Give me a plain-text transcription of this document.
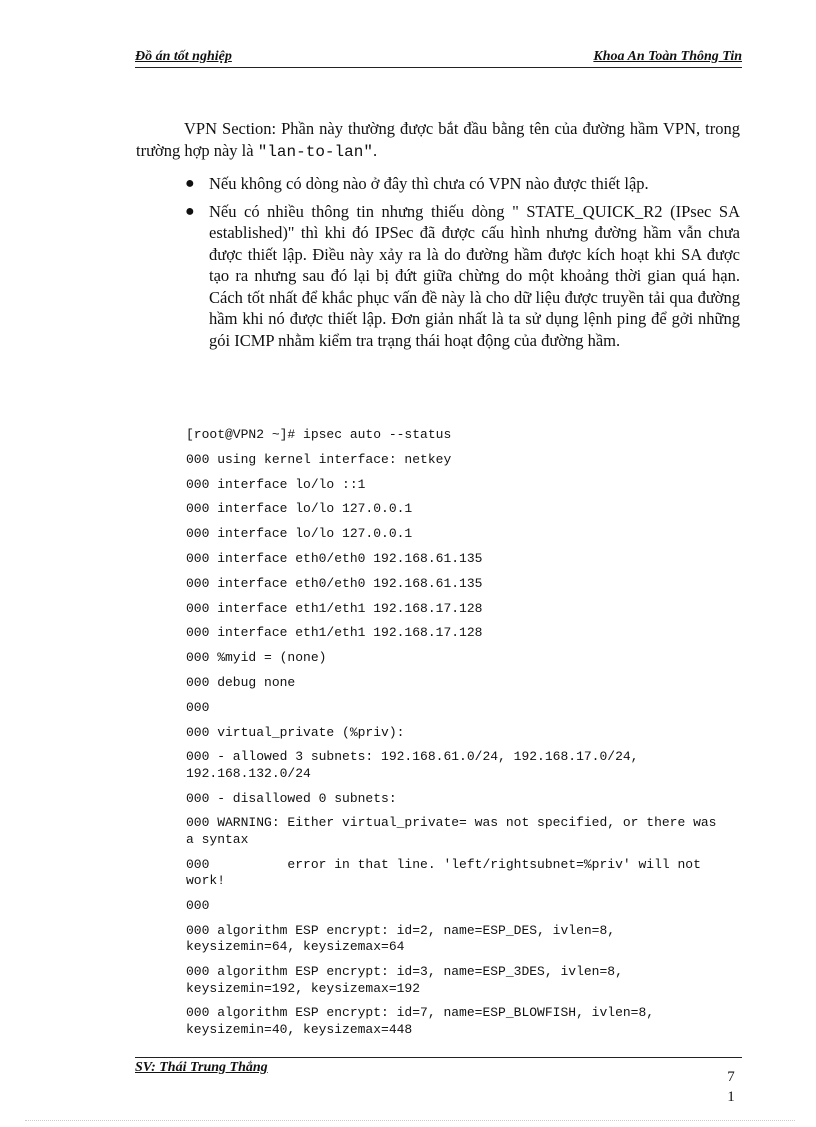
Đồ án tốt nghiệp	Khoa An Toàn Thông Tin

VPN Section: Phần này thường được bắt đầu bằng tên của đường hầm VPN, trong trường hợp này là "lan-to-lan".

● Nếu không có dòng nào ở đây thì chưa có VPN nào được thiết lập.
● Nếu có nhiều thông tin nhưng thiếu dòng " STATE_QUICK_R2 (IPsec SA established)" thì khi đó IPSec đã được cấu hình nhưng đường hầm vẫn chưa được thiết lập. Điều này xảy ra là do đường hầm được kích hoạt khi SA được tạo ra nhưng sau đó lại bị đứt giữa chừng do một khoảng thời gian quá hạn. Cách tốt nhất để khắc phục vấn đề này là cho dữ liệu được truyền tải qua đường hầm khi nó được thiết lập. Đơn giản nhất là ta sử dụng lệnh ping để gởi những gói ICMP nhằm kiểm tra trạng thái hoạt động của đường hầm.
[root@VPN2 ~]# ipsec auto --status
000 using kernel interface: netkey
000 interface lo/lo ::1
000 interface lo/lo 127.0.0.1
000 interface lo/lo 127.0.0.1
000 interface eth0/eth0 192.168.61.135
000 interface eth0/eth0 192.168.61.135
000 interface eth1/eth1 192.168.17.128
000 interface eth1/eth1 192.168.17.128
000 %myid = (none)
000 debug none
000
000 virtual_private (%priv):
000 - allowed 3 subnets: 192.168.61.0/24, 192.168.17.0/24, 192.168.132.0/24
000 - disallowed 0 subnets:
000 WARNING: Either virtual_private= was not specified, or there was a syntax
000          error in that line. 'left/rightsubnet=%priv' will not work!
000
000 algorithm ESP encrypt: id=2, name=ESP_DES, ivlen=8, keysizemin=64, keysizemax=64
000 algorithm ESP encrypt: id=3, name=ESP_3DES, ivlen=8, keysizemin=192, keysizemax=192
000 algorithm ESP encrypt: id=7, name=ESP_BLOWFISH, ivlen=8, keysizemin=40, keysizemax=448
SV: Thái Trung Thắng
7
1
